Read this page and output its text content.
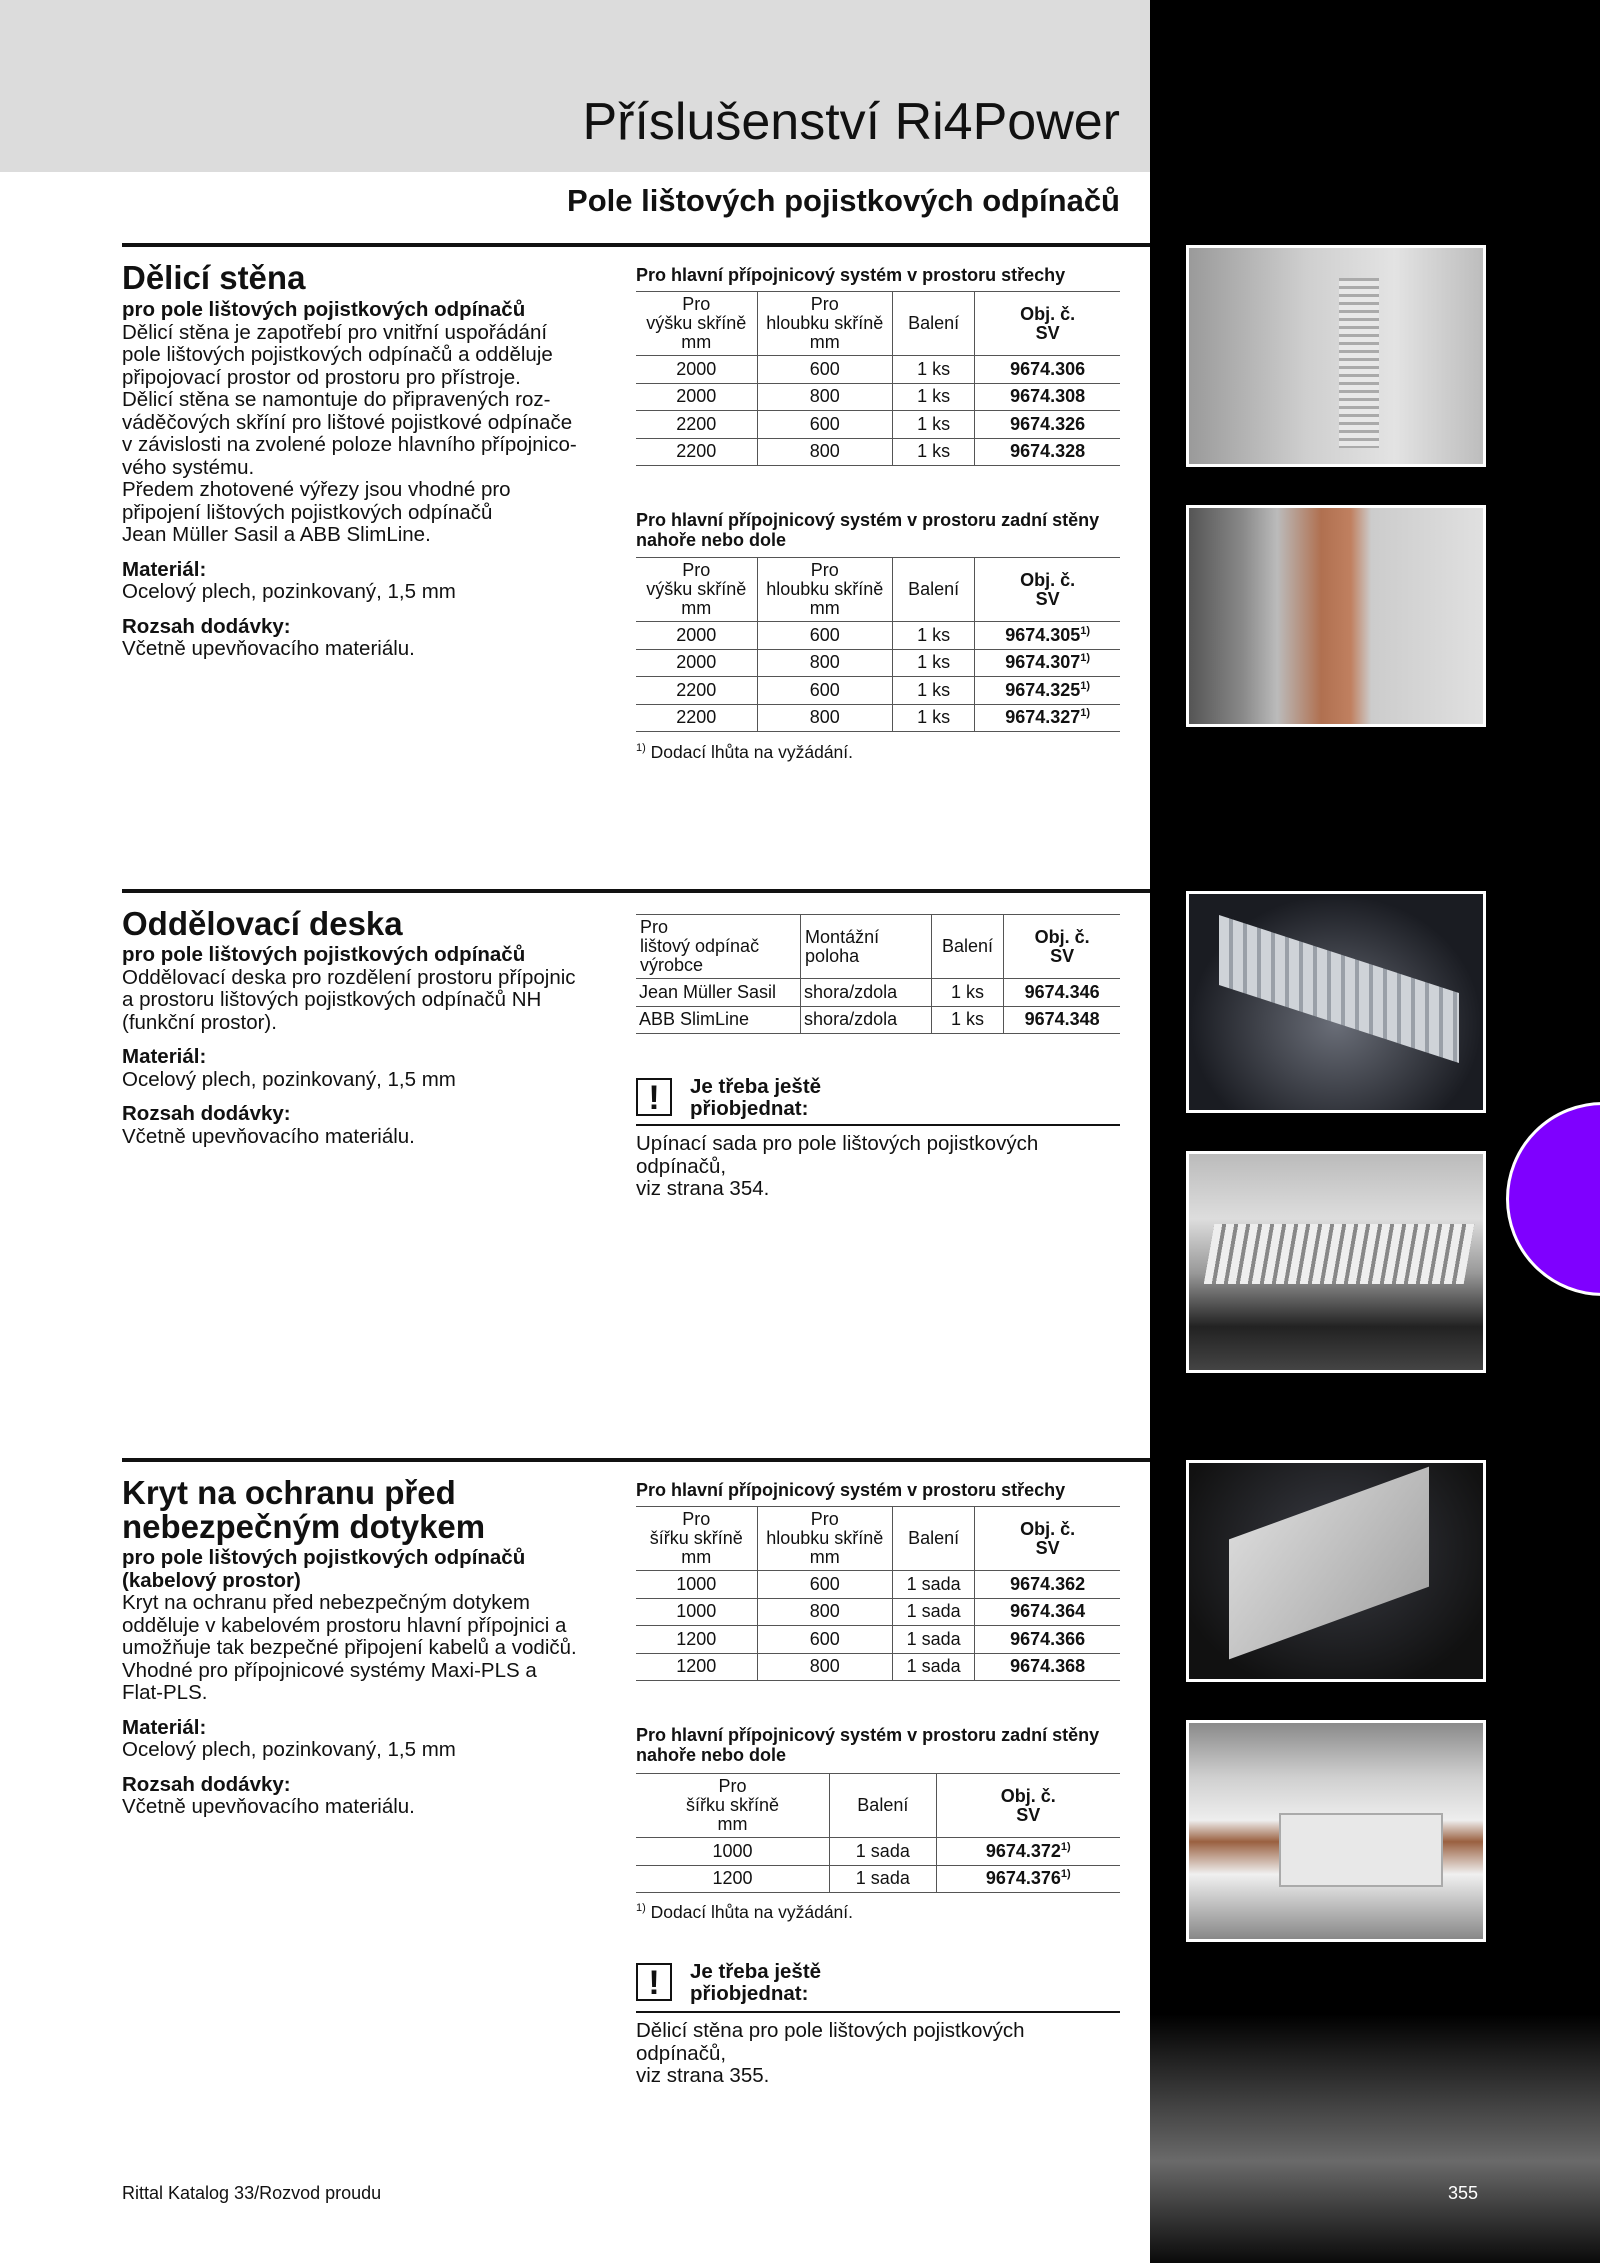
Příslušenství Ri4Power
Pole lištových pojistkových odpínačů
Dělicí stěna

pro pole lištových pojistkových odpínačů

Dělicí stěna je zapotřebí pro vnitřní uspořádání

pole lištových pojistkových odpínačů a odděluje

připojovací prostor od prostoru pro přístroje.

Dělicí stěna se namontuje do připravených roz-

váděčových skříní pro lištové pojistkové odpínače

v závislosti na zvolené poloze hlavního přípojnico-

vého systému.

Předem zhotovené výřezy jsou vhodné pro

připojení lištových pojistkových odpínačů

Jean Müller Sasil a ABB SlimLine.

Materiál:

Ocelový plech, pozinkovaný, 1,5 mm

Rozsah dodávky:

Včetně upevňovacího materiálu.

Pro hlavní přípojnicový systém v prostoru střechy
Pro
výšku skříně
mm	Pro
hloubku skříně
mm	Balení	Obj. č.
SV
2000	600	1 ks	9674.306
2000	800	1 ks	9674.308
2200	600	1 ks	9674.326
2200	800	1 ks	9674.328
Pro hlavní přípojnicový systém v prostoru zadní stěny nahoře nebo dole
Pro
výšku skříně
mm	Pro
hloubku skříně
mm	Balení	Obj. č.
SV
2000	600	1 ks	9674.305$^{1)}$
2000	800	1 ks	9674.307$^{1)}$
2200	600	1 ks	9674.325$^{1)}$
2200	800	1 ks	9674.327$^{1)}$
$^{1)}$ Dodací lhůta na vyžádání.
Oddělovací deska

pro pole lištových pojistkových odpínačů

Oddělovací deska pro rozdělení prostoru přípojnic

a prostoru lištových pojistkových odpínačů NH

(funkční prostor).

Materiál:

Ocelový plech, pozinkovaný, 1,5 mm

Rozsah dodávky:

Včetně upevňovacího materiálu.

Pro
lištový odpínač
výrobce	Montážní
poloha	Balení	Obj. č.
SV
Jean Müller Sasil	shora/zdola	1 ks	9674.346
ABB SlimLine	shora/zdola	1 ks	9674.348
!	Je třeba ještě
přiobjednat:
Upínací sada pro pole lištových pojistkových
odpínačů,
viz strana 354.
Kryt na ochranu před
nebezpečným dotykem

pro pole lištových pojistkových odpínačů

(kabelový prostor)

Kryt na ochranu před nebezpečným dotykem

odděluje v kabelovém prostoru hlavní přípojnici a

umožňuje tak bezpečné připojení kabelů a vodičů.

Vhodné pro přípojnicové systémy Maxi-PLS a

Flat-PLS.

Materiál:

Ocelový plech, pozinkovaný, 1,5 mm

Rozsah dodávky:

Včetně upevňovacího materiálu.

Pro hlavní přípojnicový systém v prostoru střechy
Pro
šířku skříně
mm	Pro
hloubku skříně
mm	Balení	Obj. č.
SV
1000	600	1 sada	9674.362
1000	800	1 sada	9674.364
1200	600	1 sada	9674.366
1200	800	1 sada	9674.368
Pro hlavní přípojnicový systém v prostoru zadní stěny nahoře nebo dole
Pro
šířku skříně
mm	Balení	Obj. č.
SV
1000	1 sada	9674.372$^{1)}$
1200	1 sada	9674.376$^{1)}$
$^{1)}$ Dodací lhůta na vyžádání.
!	Je třeba ještě
přiobjednat:
Dělicí stěna pro pole lištových pojistkových
odpínačů,
viz strana 355.
Rittal Katalog 33/Rozvod proudu	355
